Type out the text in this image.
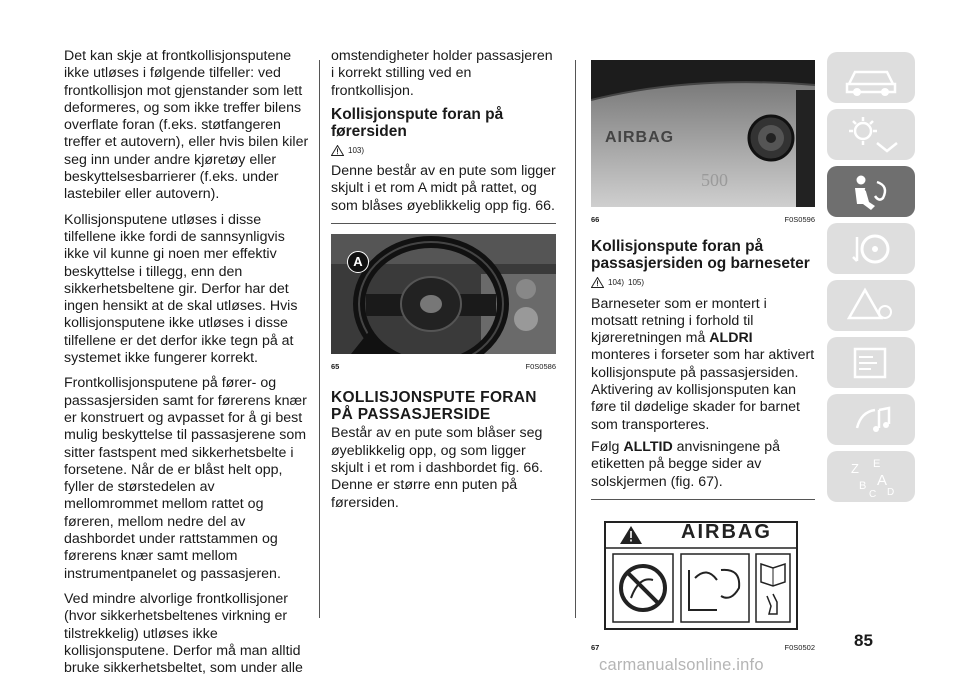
Det kan skje at frontkollisjonsputene ikke utløses i følgende tilfeller: ved frontkollisjon mot gjenstander som lett deformeres, og som ikke treffer bilens overflate foran (f.eks. støtfangeren treffer et autovern), eller hvis bilen kiler seg inn under andre kjøretøy eller beskyttelsesbarrierer (f.eks. under lastebiler eller autovern).

Kollisjonsputene utløses i disse tilfellene ikke fordi de sannsynligvis ikke vil kunne gi noen mer effektiv beskyttelse i tillegg, enn den sikkerhetsbeltene gir. Derfor har det ingen hensikt at de skal utløses. Hvis kollisjonsputene ikke utløses i disse tilfellene er det derfor ikke tegn på at systemet ikke fungerer korrekt.

Frontkollisjonsputene på fører- og passasjersiden samt for førerens knær er konstruert og avpasset for å gi best mulig beskyttelse til passasjerene som sitter fastspent med sikkerhetsbelte i forsetene. Når de er blåst helt opp, fyller de størstedelen av mellomrommet mellom rattet og føreren, mellom nedre del av dashbordet under rattstammen og førerens knær samt mellom instrumentpanelet og passasjeren.

Ved mindre alvorlige frontkollisjoner (hvor sikkerhetsbeltenes virkning er tilstrekkelig) utløses ikke kollisjonsputene. Derfor må man alltid bruke sikkerhetsbeltet, som under alle

omstendigheter holder passasjeren i korrekt stilling ved en frontkollisjon.

Kollisjonspute foran på førersiden
103)

Denne består av en pute som ligger skjult i et rom A midt på rattet, og som blåses øyeblikkelig opp fig. 66.

A
65	F0S0586
KOLLISJONSPUTE FORAN PÅ PASSASJERSIDE

Består av en pute som blåser seg øyeblikkelig opp, og som ligger skjult i et rom i dashbordet fig. 66. Denne er større enn puten på førersiden.

AIRBAG
500
66	F0S0596
Kollisjonspute foran på passasjersiden og barneseter
104) 105)

Barneseter som er montert i motsatt retning i forhold til kjøreretningen må ALDRI monteres i forseter som har aktivert kollisjonspute på passasjersiden. Aktivering av kollisjonsputen kan føre til dødelige skader for barnet som transporteres.

Følg ALLTID anvisningene på etiketten på begge sider av solskjermen (fig. 67).

AIRBAG
67	F0S0502
Z E
B A
C D
85
carmanualsonline.info
